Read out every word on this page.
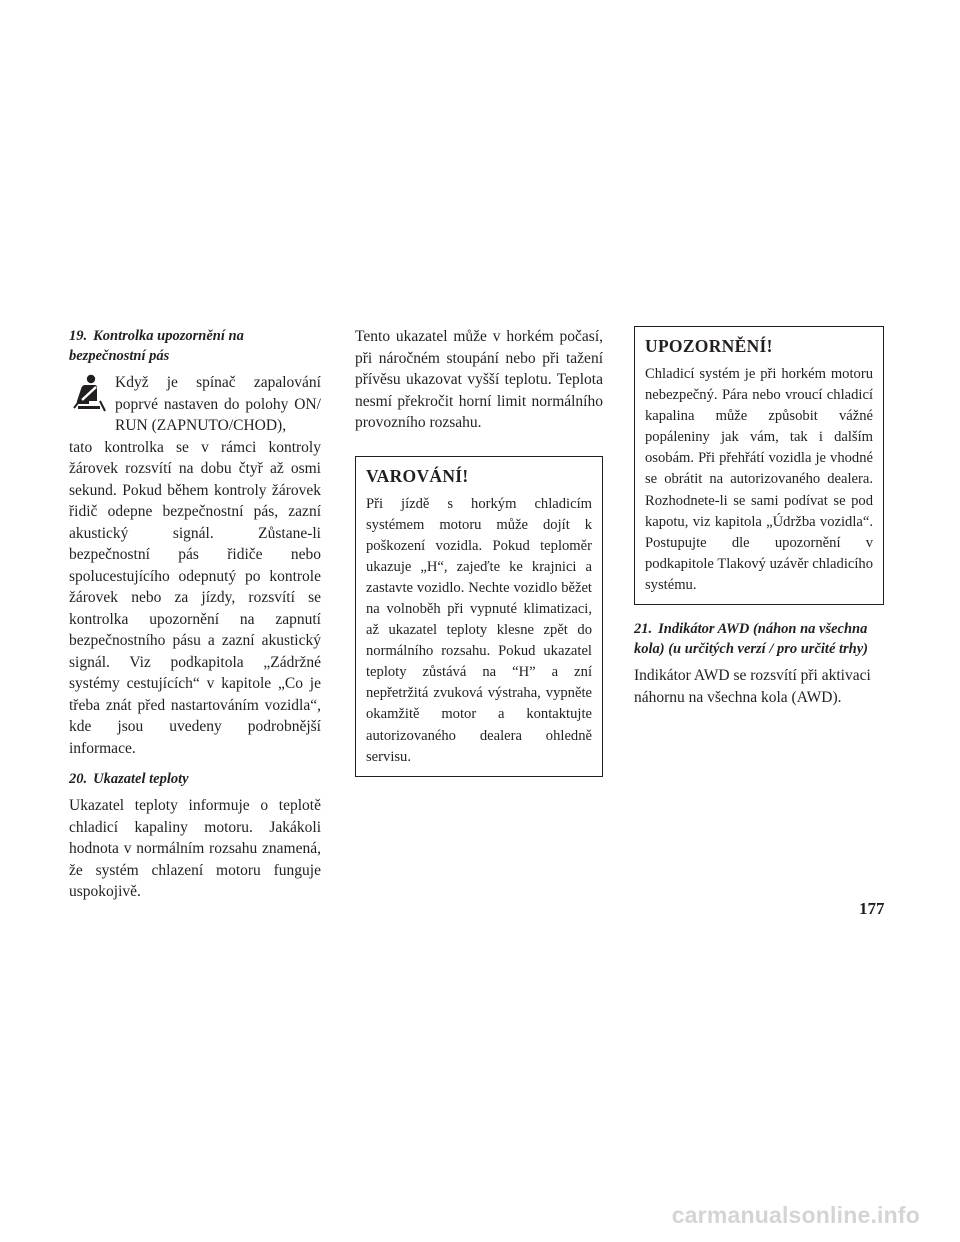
19. Kontrolka upozornění na bezpečnostní pás

Když je spínač zapalování poprvé nastaven do polohy ON/ RUN (ZAPNUTO/CHOD),

tato kontrolka se v rámci kontroly žárovek rozsvítí na dobu čtyř až osmi sekund. Pokud během kontroly žárovek řidič odepne bezpečnostní pás, zazní akustický signál. Zůstane-li bezpečnostní pás řidiče nebo spolucestujícího odepnutý po kontrole žárovek nebo za jízdy, rozsvítí se kontrolka upozornění na zapnutí bezpečnostního pásu a zazní akustický signál. Viz podkapitola „Zádržné systémy cestujících“ v kapitole „Co je třeba znát před nastartováním vozidla“, kde jsou uvedeny podrobnější informace.

20. Ukazatel teploty

Ukazatel teploty informuje o teplotě chladicí kapaliny motoru. Jakákoli hodnota v normálním rozsahu znamená, že systém chlazení motoru funguje uspokojivě.

Tento ukazatel může v horkém počasí, při náročném stoupání nebo při tažení přívěsu ukazovat vyšší teplotu. Teplota nesmí překročit horní limit normálního provozního rozsahu.

VAROVÁNÍ!

Při jízdě s horkým chladicím systémem motoru může dojít k poškození vozidla. Pokud teploměr ukazuje „H“, zajeďte ke krajnici a zastavte vozidlo. Nechte vozidlo běžet na volnoběh při vypnuté klimatizaci, až ukazatel teploty klesne zpět do normálního rozsahu. Pokud ukazatel teploty zůstává na “H” a zní nepřetržitá zvuková výstraha, vypněte okamžitě motor a kontaktujte autorizovaného dealera ohledně servisu.

UPOZORNĚNÍ!

Chladicí systém je při horkém motoru nebezpečný. Pára nebo vroucí chladicí kapalina může způsobit vážné popáleniny jak vám, tak i dalším osobám. Při přehřátí vozidla je vhodné se obrátit na autorizovaného dealera. Rozhodnete-li se sami podívat se pod kapotu, viz kapitola „Údržba vozidla“. Postupujte dle upozornění v podkapitole Tlakový uzávěr chladicího systému.

21. Indikátor AWD (náhon na všechna kola) (u určitých verzí / pro určité trhy)

Indikátor AWD se rozsvítí při aktivaci náhornu na všechna kola (AWD).

177
carmanualsonline.info
